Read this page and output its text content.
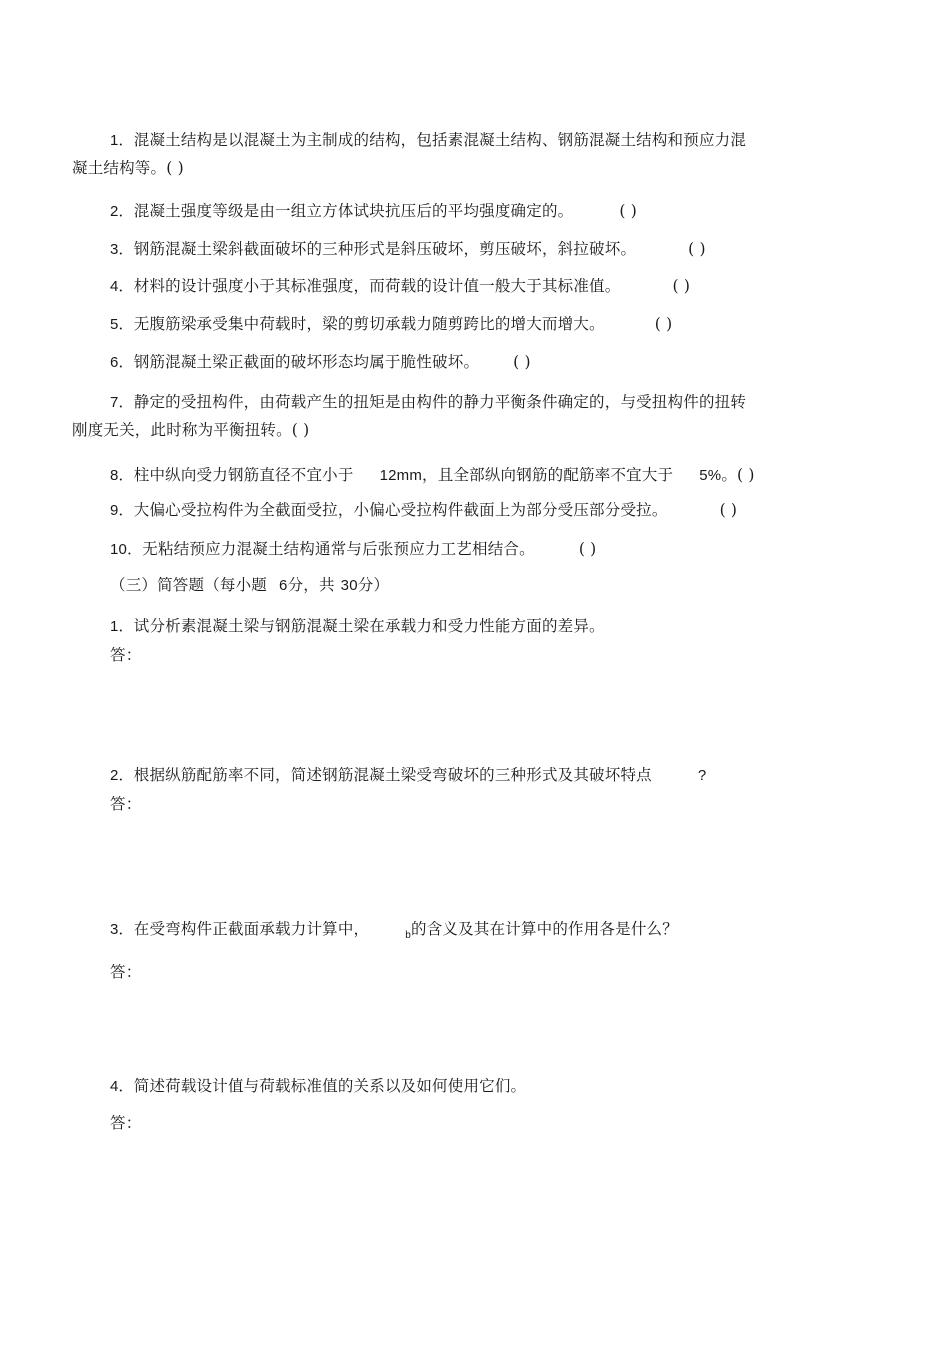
1．混凝土结构是以混凝土为主制成的结构，包括素混凝土结构、钢筋混凝土结构和预应力混
凝土结构等。( )
2．混凝土强度等级是由一组立方体试块抗压后的平均强度确定的。	( )
3．钢筋混凝土梁斜截面破坏的三种形式是斜压破坏，剪压破坏，斜拉破坏。	( )
4．材料的设计强度小于其标准强度，而荷载的设计值一般大于其标准值。	( )
5．无腹筋梁承受集中荷载时，梁的剪切承载力随剪跨比的增大而增大。	( )
6．钢筋混凝土梁正截面的破坏形态均属于脆性破坏。 ( )
7．静定的受扭构件，由荷载产生的扭矩是由构件的静力平衡条件确定的，与受扭构件的扭转
刚度无关，此时称为平衡扭转。( )
8．柱中纵向受力钢筋直径不宜小于 12mm，且全部纵向钢筋的配筋率不宜大于 5%。( )
9．大偏心受拉构件为全截面受拉，小偏心受拉构件截面上为部分受压部分受拉。	( )
10．无粘结预应力混凝土结构通常与后张预应力工艺相结合。	( )
（三）简答题（每小题 6分，共 30分）
1．试分析素混凝土梁与钢筋混凝土梁在承载力和受力性能方面的差异。
答：
2．根据纵筋配筋率不同，简述钢筋混凝土梁受弯破坏的三种形式及其破坏特点	?
答：
3．在受弯构件正截面承载力计算中，	$_b$的含义及其在计算中的作用各是什么？
答：
4．简述荷载设计值与荷载标准值的关系以及如何使用它们。
答：
